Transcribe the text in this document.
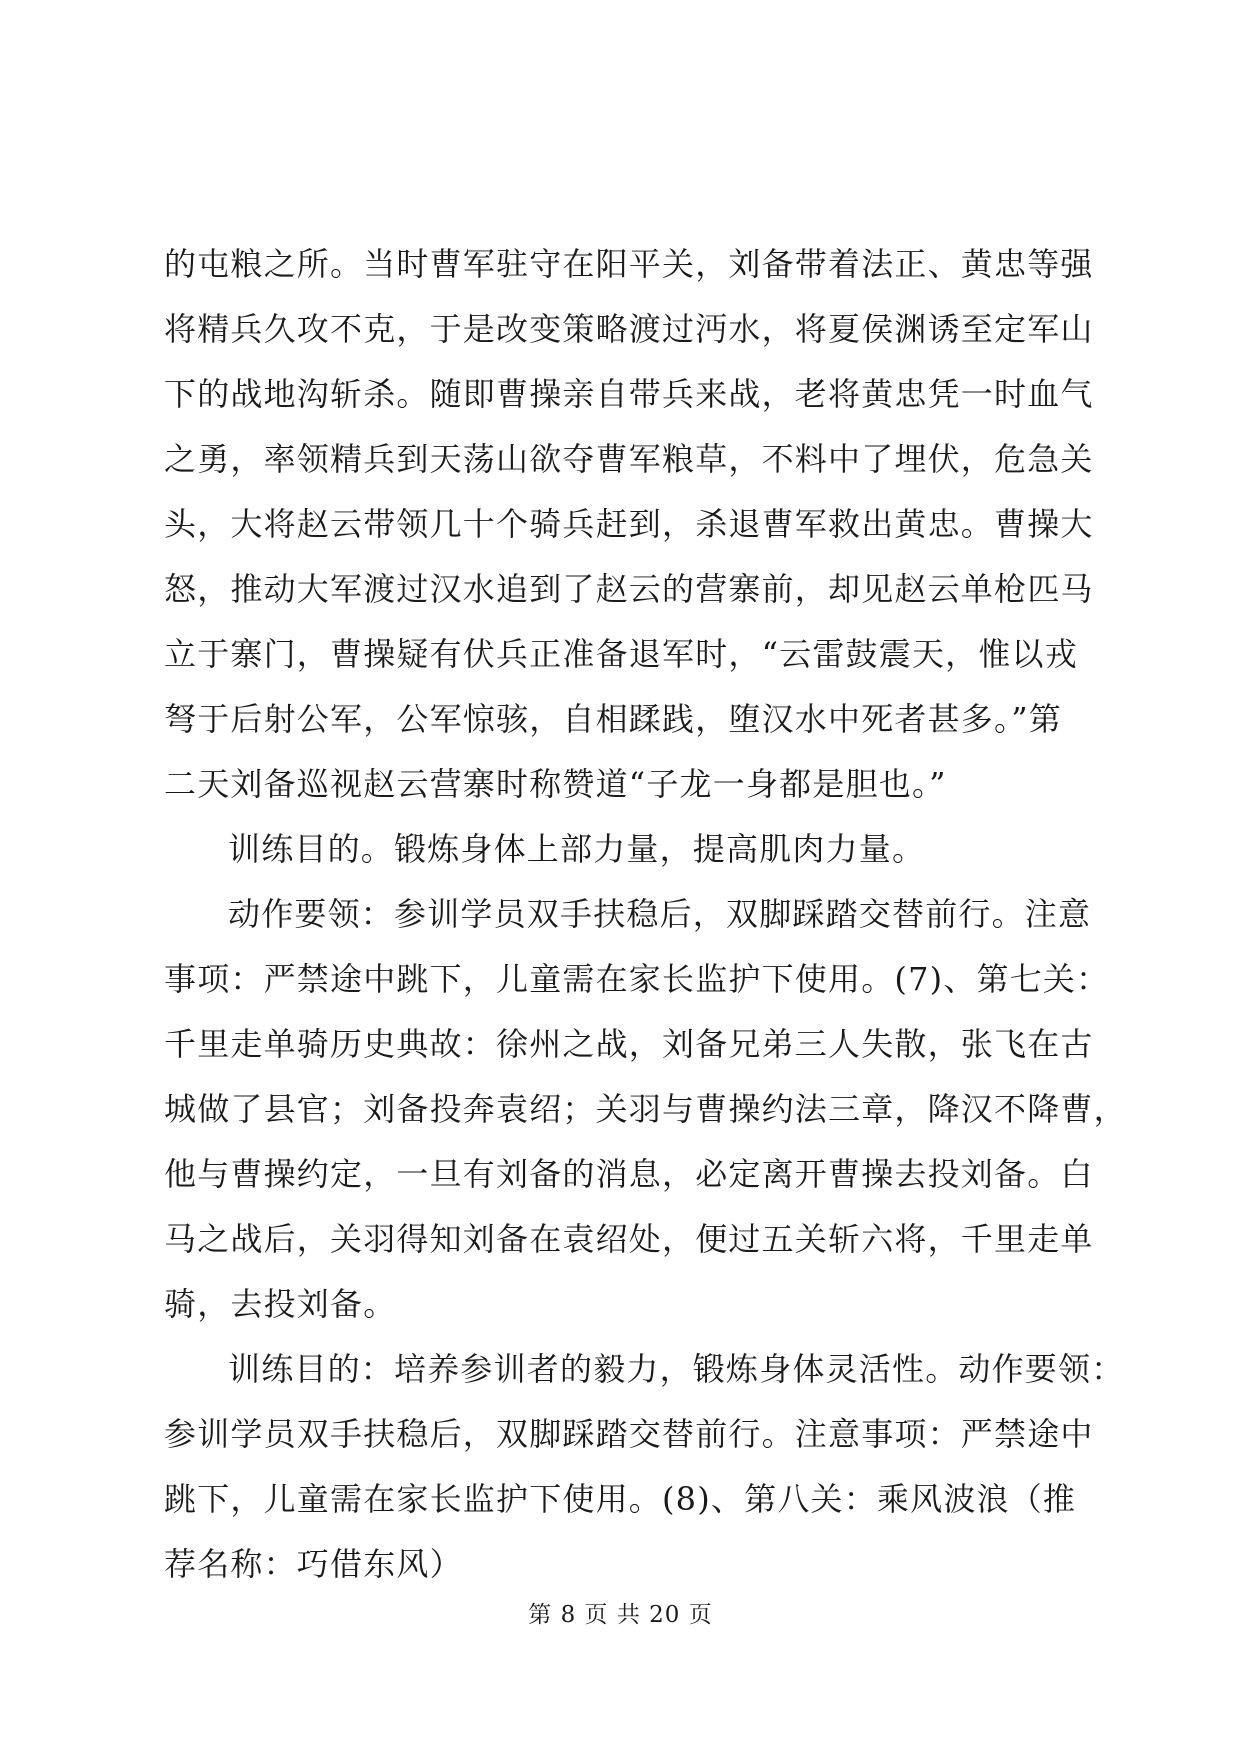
的屯粮之所。当时曹军驻守在阳平关，刘备带着法正、黄忠等强
将精兵久攻不克，于是改变策略渡过沔水，将夏侯渊诱至定军山
下的战地沟斩杀。随即曹操亲自带兵来战，老将黄忠凭一时血气
之勇，率领精兵到天荡山欲夺曹军粮草，不料中了埋伏，危急关
头，大将赵云带领几十个骑兵赶到，杀退曹军救出黄忠。曹操大
怒，推动大军渡过汉水追到了赵云的营寨前，却见赵云单枪匹马
立于寨门，曹操疑有伏兵正准备退军时，“云雷鼓震天，惟以戎
弩于后射公军，公军惊骇，自相蹂践，堕汉水中死者甚多。”第
二天刘备巡视赵云营寨时称赞道“子龙一身都是胆也。”
训练目的。锻炼身体上部力量，提高肌肉力量。
动作要领：参训学员双手扶稳后，双脚踩踏交替前行。注意
事项：严禁途中跳下，儿童需在家长监护下使用。(7)、第七关：
千里走单骑历史典故：徐州之战，刘备兄弟三人失散，张飞在古
城做了县官；刘备投奔袁绍；关羽与曹操约法三章，降汉不降曹，
他与曹操约定，一旦有刘备的消息，必定离开曹操去投刘备。白
马之战后，关羽得知刘备在袁绍处，便过五关斩六将，千里走单
骑，去投刘备。
训练目的：培养参训者的毅力，锻炼身体灵活性。动作要领：
参训学员双手扶稳后，双脚踩踏交替前行。注意事项：严禁途中
跳下，儿童需在家长监护下使用。(8)、第八关：乘风波浪（推
荐名称：巧借东风）
第 8 页 共 20 页
